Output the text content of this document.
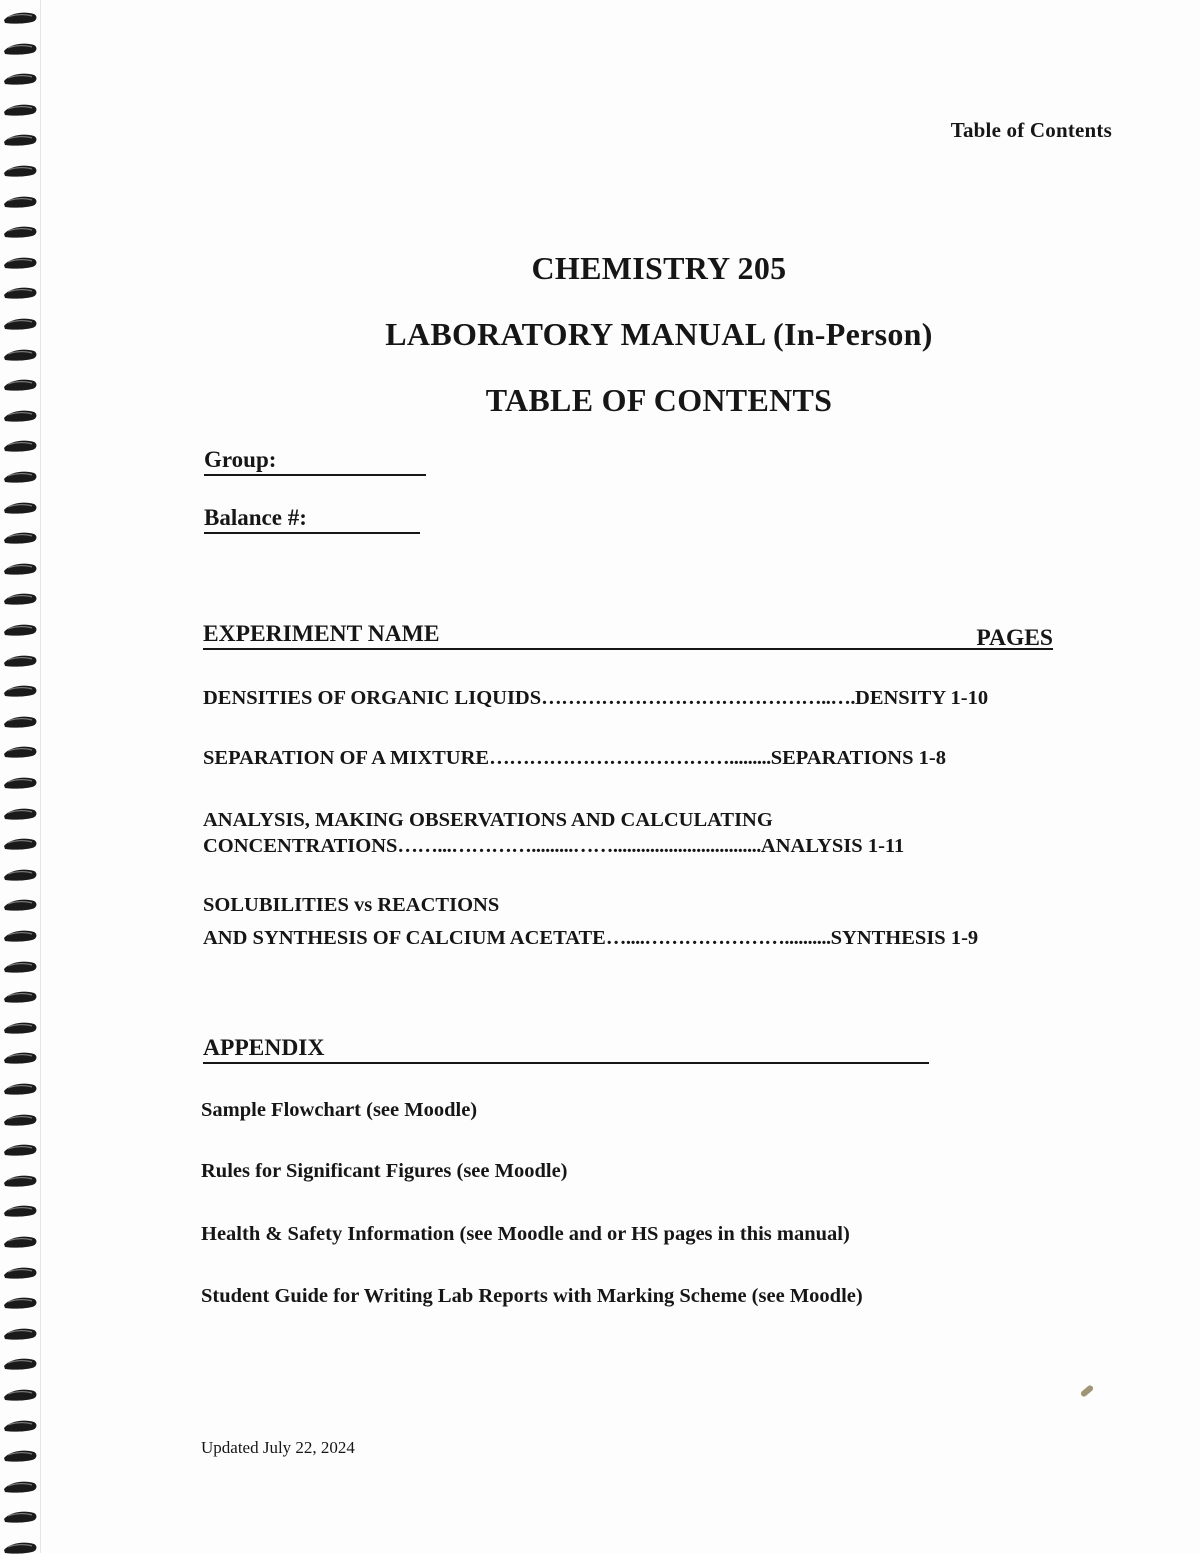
Table of Contents
CHEMISTRY 205
LABORATORY MANUAL (In-Person)
TABLE OF CONTENTS
Group:
Balance #:
EXPERIMENT NAME	PAGES
DENSITIES OF ORGANIC LIQUIDS……………………………………..….DENSITY 1-10
SEPARATION OF A MIXTURE……………………………….........SEPARATIONS 1-8
ANALYSIS, MAKING OBSERVATIONS AND CALCULATING
CONCENTRATIONS……...………….........……................................ANALYSIS 1-11
SOLUBILITIES vs REACTIONS
AND SYNTHESIS OF CALCIUM ACETATE…....…………………..........SYNTHESIS 1-9
APPENDIX
Sample Flowchart (see Moodle)
Rules for Significant Figures (see Moodle)
Health & Safety Information (see Moodle and or HS pages in this manual)
Student Guide for Writing Lab Reports with Marking Scheme (see Moodle)
Updated July 22, 2024
